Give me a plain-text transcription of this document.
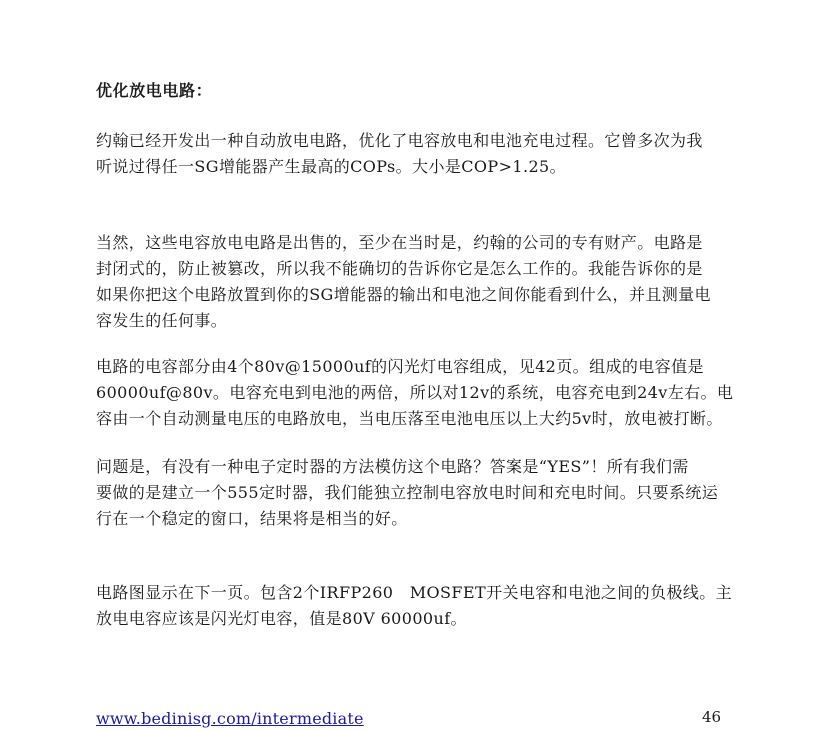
优化放电电路：

约翰已经开发出一种自动放电电路，优化了电容放电和电池充电过程。它曾多次为我
听说过得任一SG增能器产生最高的COPs。大小是COP>1.25。

当然，这些电容放电电路是出售的，至少在当时是，约翰的公司的专有财产。电路是
封闭式的，防止被篡改，所以我不能确切的告诉你它是怎么工作的。我能告诉你的是
如果你把这个电路放置到你的SG增能器的输出和电池之间你能看到什么，并且测量电
容发生的任何事。

电路的电容部分由4个80v@15000uf的闪光灯电容组成，见42页。组成的电容值是
60000uf@80v。电容充电到电池的两倍，所以对12v的系统，电容充电到24v左右。电
容由一个自动测量电压的电路放电，当电压落至电池电压以上大约5v时，放电被打断。

问题是，有没有一种电子定时器的方法模仿这个电路？答案是“YES”！所有我们需
要做的是建立一个555定时器，我们能独立控制电容放电时间和充电时间。只要系统运
行在一个稳定的窗口，结果将是相当的好。

电路图显示在下一页。包含2个IRFP260　MOSFET开关电容和电池之间的负极线。主
放电电容应该是闪光灯电容，值是80V 60000uf。

www.bedinisg.com/intermediate	46
